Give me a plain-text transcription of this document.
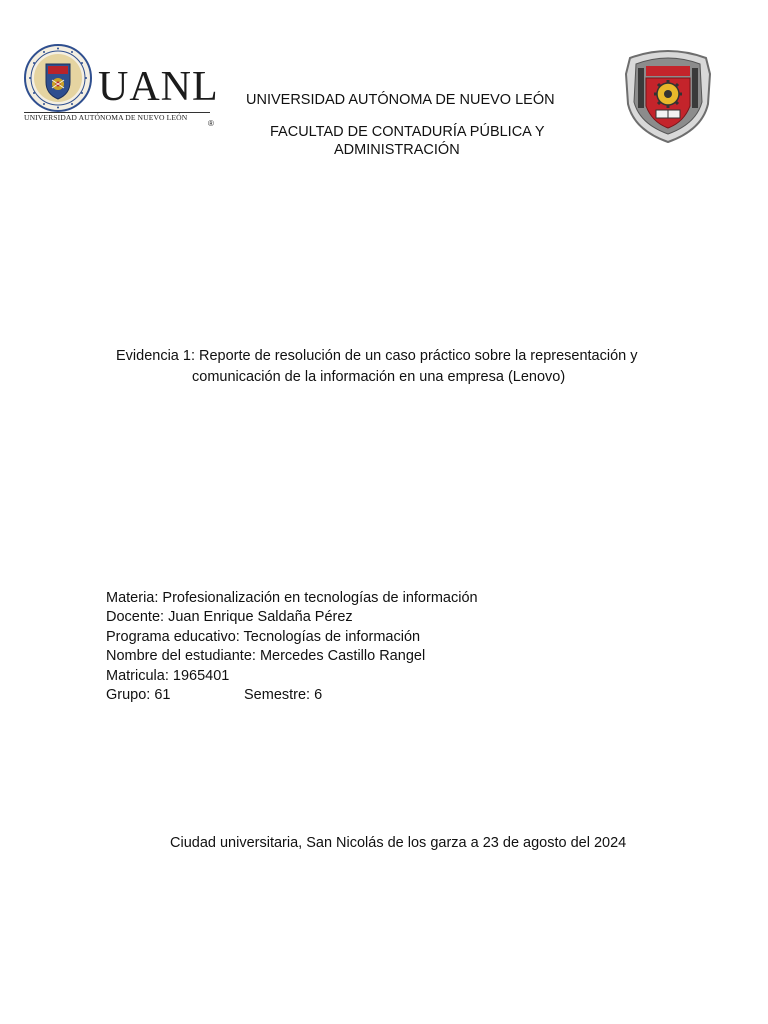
UANL
UNIVERSIDAD AUTÓNOMA DE NUEVO LEÓN
®
UNIVERSIDAD AUTÓNOMA DE NUEVO LEÓN
FACULTAD DE CONTADURÍA PÚBLICA Y
ADMINISTRACIÓN
Evidencia 1: Reporte de resolución de un caso práctico sobre la representación y
comunicación de la información en una empresa (Lenovo)
Materia: Profesionalización en tecnologías de información
Docente: Juan Enrique Saldaña Pérez
Programa educativo: Tecnologías de información
Nombre del estudiante: Mercedes Castillo Rangel
Matricula: 1965401
Grupo: 61	Semestre: 6
Ciudad universitaria, San Nicolás de los garza a 23 de agosto del 2024
